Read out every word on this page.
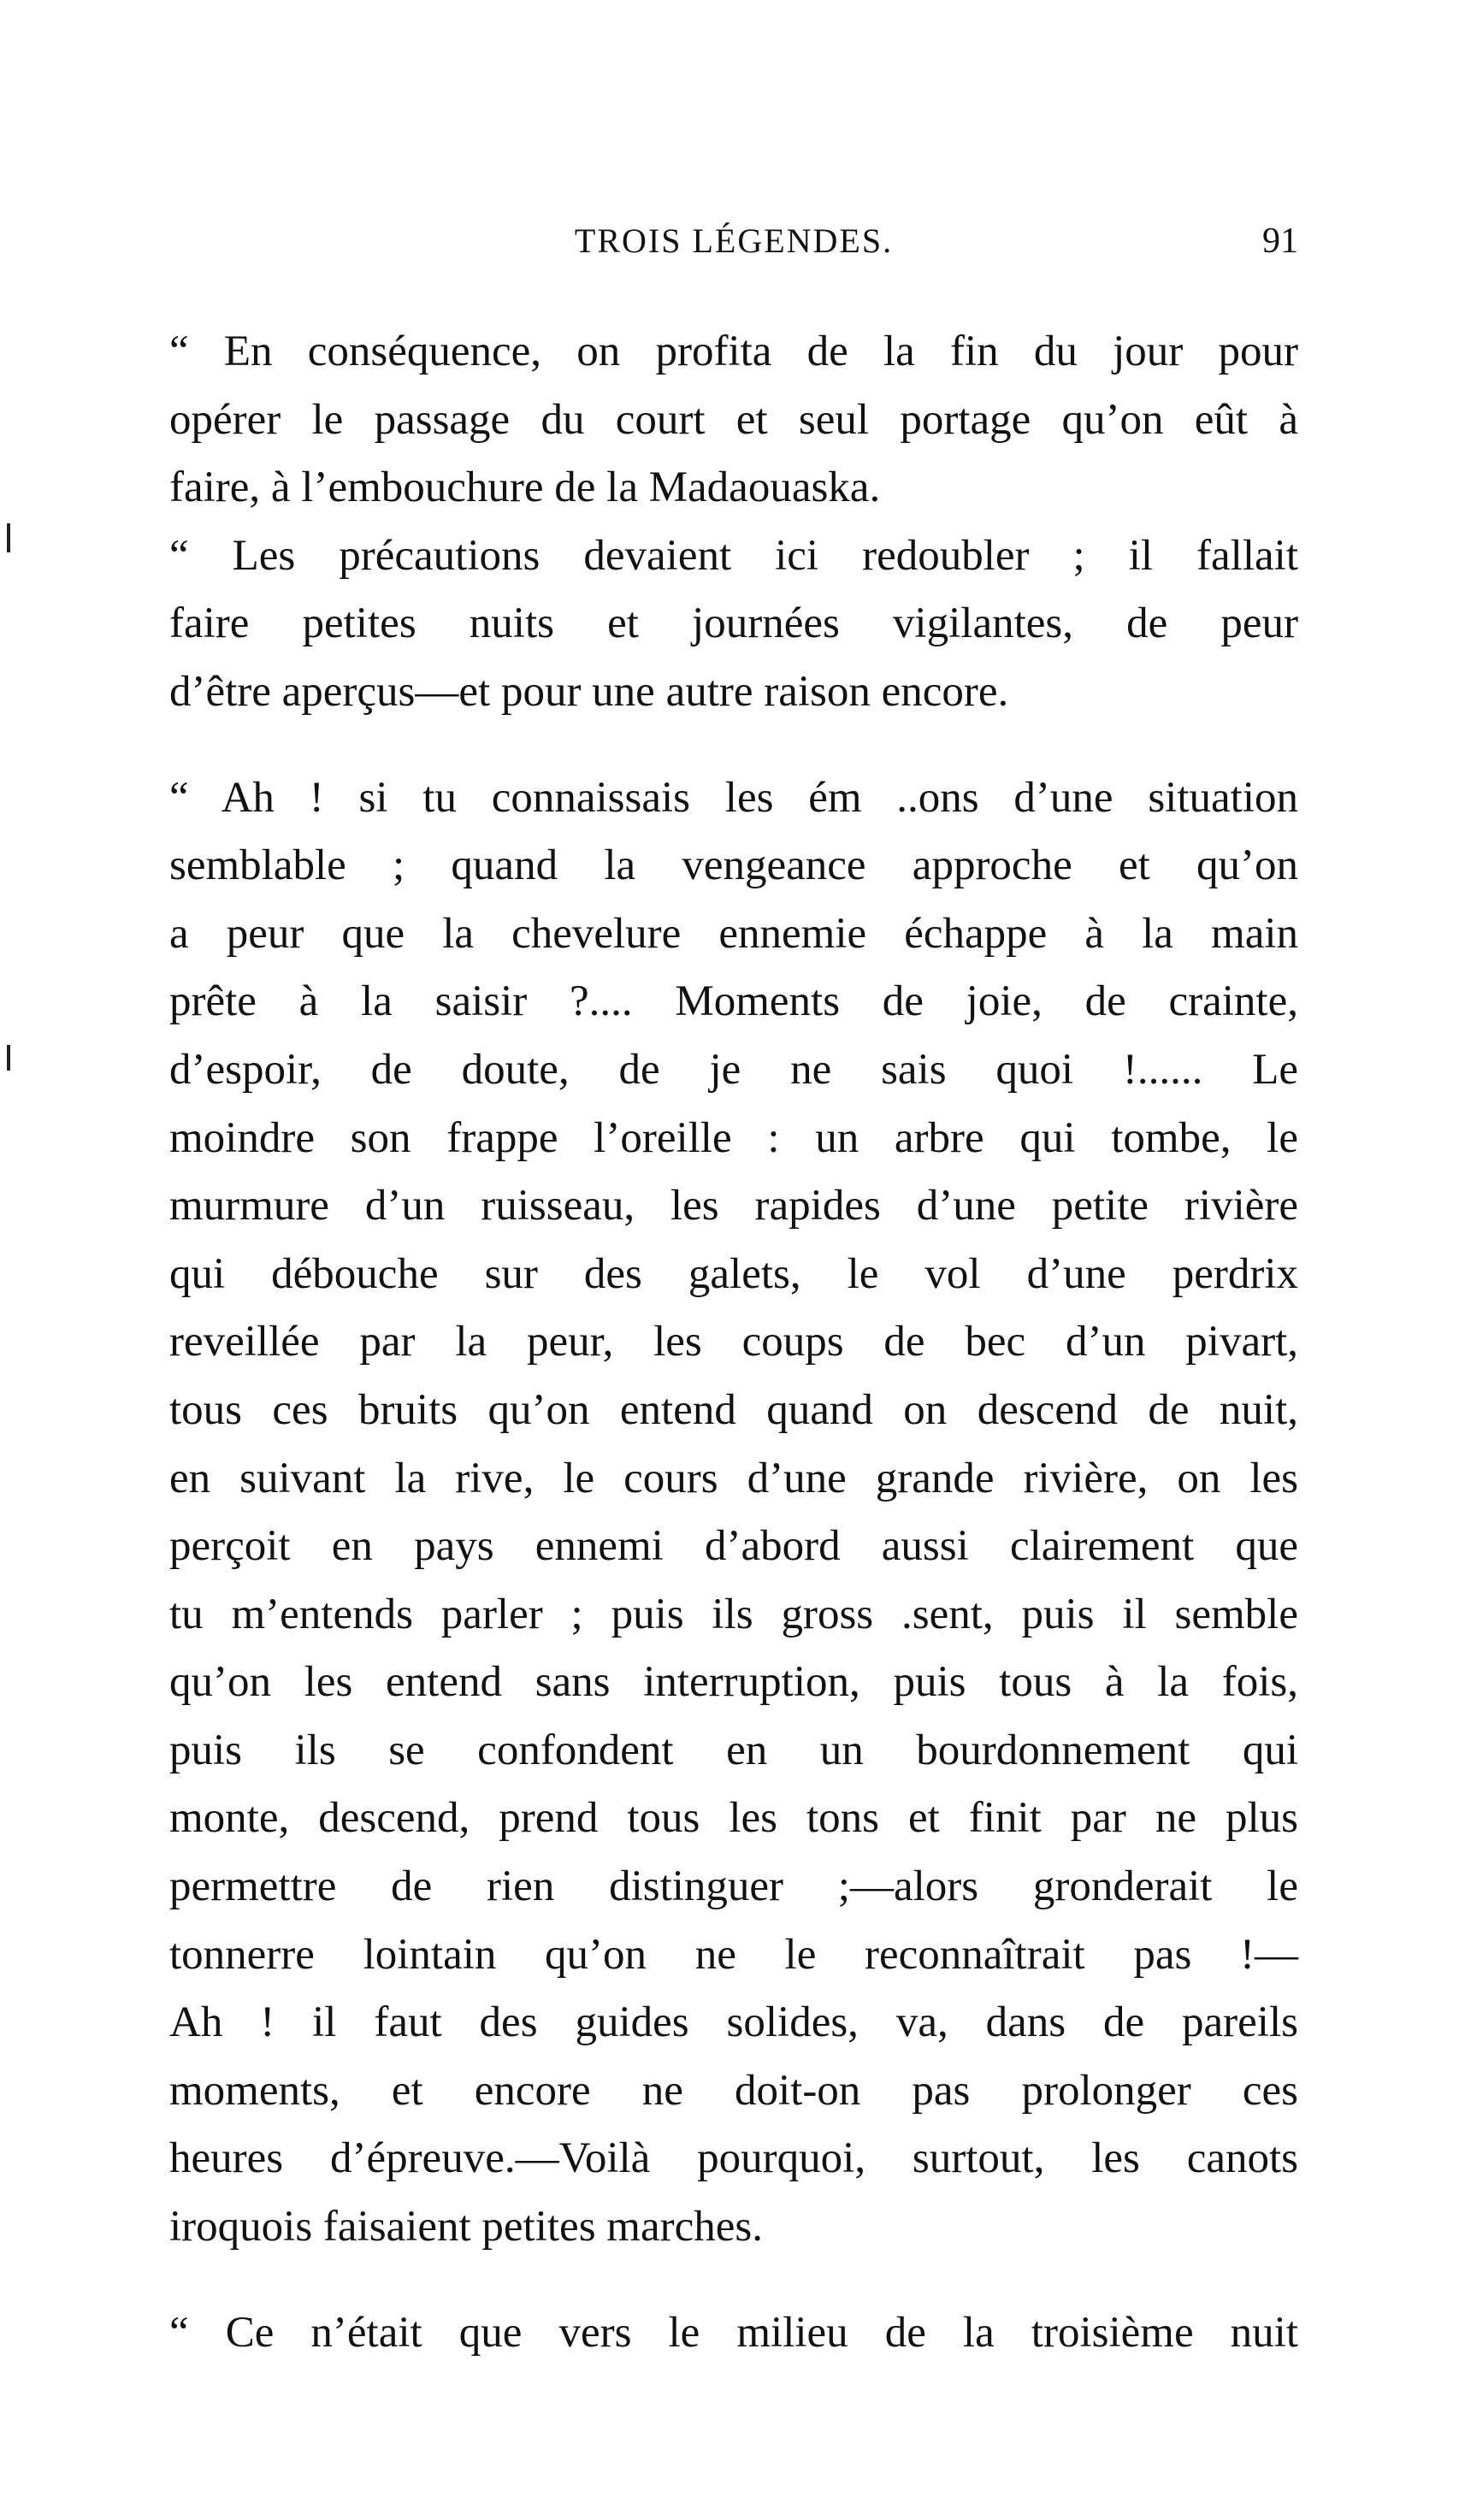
TROIS LÉGENDES.	91

“ En conséquence, on profita de la fin du jour pour
opérer le passage du court et seul portage qu’on eût à
faire, à l’embouchure de la Madaouaska.

“ Les précautions devaient ici redoubler ; il fallait
faire petites nuits et journées vigilantes, de peur
d’être aperçus—et pour une autre raison encore.

“ Ah ! si tu connaissais les ém ..ons d’une situation
semblable ; quand la vengeance approche et qu’on
a peur que la chevelure ennemie échappe à la main
prête à la saisir ?.... Moments de joie, de crainte,
d’espoir, de doute, de je ne sais quoi !...... Le
moindre son frappe l’oreille : un arbre qui tombe, le
murmure d’un ruisseau, les rapides d’une petite rivière
qui débouche sur des galets, le vol d’une perdrix
reveillée par la peur, les coups de bec d’un pivart,
tous ces bruits qu’on entend quand on descend de nuit,
en suivant la rive, le cours d’une grande rivière, on les
perçoit en pays ennemi d’abord aussi clairement que
tu m’entends parler ; puis ils gross .sent, puis il semble
qu’on les entend sans interruption, puis tous à la fois,
puis ils se confondent en un bourdonnement qui
monte, descend, prend tous les tons et finit par ne plus
permettre de rien distinguer ;—alors gronderait le
tonnerre lointain qu’on ne le reconnaîtrait pas !—
Ah ! il faut des guides solides, va, dans de pareils
moments, et encore ne doit-on pas prolonger ces
heures d’épreuve.—Voilà pourquoi, surtout, les canots
iroquois faisaient petites marches.

“ Ce n’était que vers le milieu de la troisième nuit
